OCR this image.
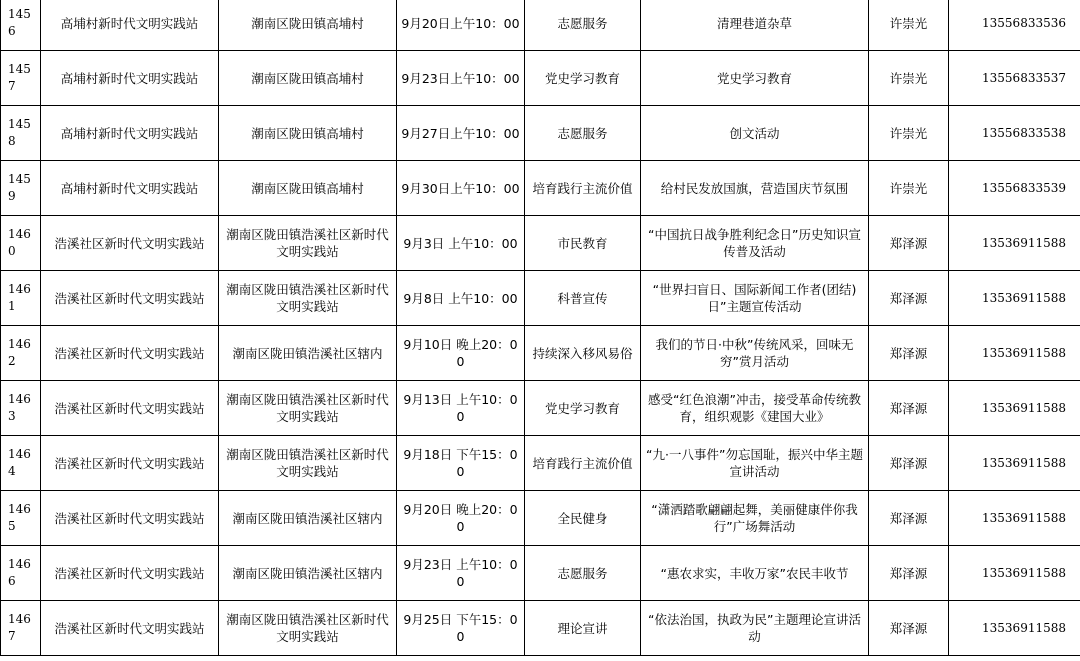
1456	高埔村新时代文明实践站	潮南区陇田镇高埔村	9月20日上午10：00	志愿服务	清理巷道杂草	许崇光	13556833536
1457	高埔村新时代文明实践站	潮南区陇田镇高埔村	9月23日上午10：00	党史学习教育	党史学习教育	许崇光	13556833537
1458	高埔村新时代文明实践站	潮南区陇田镇高埔村	9月27日上午10：00	志愿服务	创文活动	许崇光	13556833538
1459	高埔村新时代文明实践站	潮南区陇田镇高埔村	9月30日上午10：00	培育践行主流价值	给村民发放国旗，营造国庆节氛围	许崇光	13556833539
1460	浩溪社区新时代文明实践站	潮南区陇田镇浩溪社区新时代文明实践站	9月3日 上午10：00	市民教育	“中国抗日战争胜利纪念日”历史知识宣传普及活动	郑泽源	13536911588
1461	浩溪社区新时代文明实践站	潮南区陇田镇浩溪社区新时代文明实践站	9月8日 上午10：00	科普宣传	“世界扫盲日、国际新闻工作者(团结)日”主题宣传活动	郑泽源	13536911588
1462	浩溪社区新时代文明实践站	潮南区陇田镇浩溪社区辖内	9月10日 晚上20：00	持续深入移风易俗	我们的节日·中秋”传统风采，回味无穷”赏月活动	郑泽源	13536911588
1463	浩溪社区新时代文明实践站	潮南区陇田镇浩溪社区新时代文明实践站	9月13日 上午10：00	党史学习教育	感受“红色浪潮”冲击，接受革命传统教育，组织观影《建国大业》	郑泽源	13536911588
1464	浩溪社区新时代文明实践站	潮南区陇田镇浩溪社区新时代文明实践站	9月18日 下午15：00	培育践行主流价值	“九·一八事件”勿忘国耻，振兴中华主题宣讲活动	郑泽源	13536911588
1465	浩溪社区新时代文明实践站	潮南区陇田镇浩溪社区辖内	9月20日 晚上20：00	全民健身	“潇洒踏歌翩翩起舞，美丽健康伴你我行”广场舞活动	郑泽源	13536911588
1466	浩溪社区新时代文明实践站	潮南区陇田镇浩溪社区辖内	9月23日 上午10：00	志愿服务	“惠农求实，丰收万家”农民丰收节	郑泽源	13536911588
1467	浩溪社区新时代文明实践站	潮南区陇田镇浩溪社区新时代文明实践站	9月25日 下午15：00	理论宣讲	“依法治国，执政为民”主题理论宣讲活动	郑泽源	13536911588
